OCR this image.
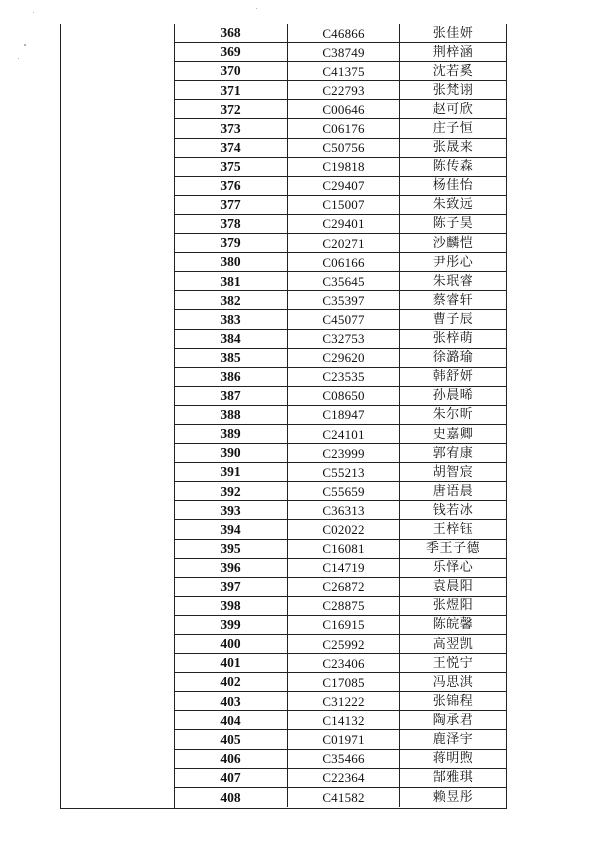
368	C46866	张佳妍
369	C38749	荆梓涵
370	C41375	沈若奚
371	C22793	张梵诩
372	C00646	赵可欣
373	C06176	庄子恒
374	C50756	张晟来
375	C19818	陈传森
376	C29407	杨佳怡
377	C15007	朱致远
378	C29401	陈子昊
379	C20271	沙麟恺
380	C06166	尹彤心
381	C35645	朱珉睿
382	C35397	蔡睿轩
383	C45077	曹子辰
384	C32753	张梓萌
385	C29620	徐潞瑜
386	C23535	韩舒妍
387	C08650	孙晨晞
388	C18947	朱尔昕
389	C24101	史嘉卿
390	C23999	郭宥康
391	C55213	胡智宸
392	C55659	唐语晨
393	C36313	钱若冰
394	C02022	王梓钰
395	C16081	季王子德
396	C14719	乐怿心
397	C26872	袁晨阳
398	C28875	张煜阳
399	C16915	陈皖馨
400	C25992	高翌凯
401	C23406	王悦宁
402	C17085	冯思淇
403	C31222	张锦程
404	C14132	陶承君
405	C01971	鹿泽宇
406	C35466	蒋明煦
407	C22364	郜雅琪
408	C41582	赖昱彤
